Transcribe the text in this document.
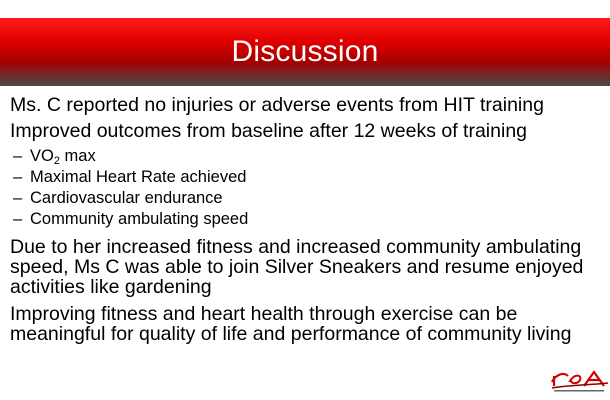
Discussion

Ms. C reported no injuries or adverse events from HIT training

Improved outcomes from baseline after 12 weeks of training

– $VO_2$ max

– Maximal Heart Rate achieved

– Cardiovascular endurance

– Community ambulating speed

Due to her increased fitness and increased community ambulating speed, Ms C was able to join Silver Sneakers and resume enjoyed activities like gardening

Improving fitness and heart health through exercise can be meaningful for quality of life and performance of community living
